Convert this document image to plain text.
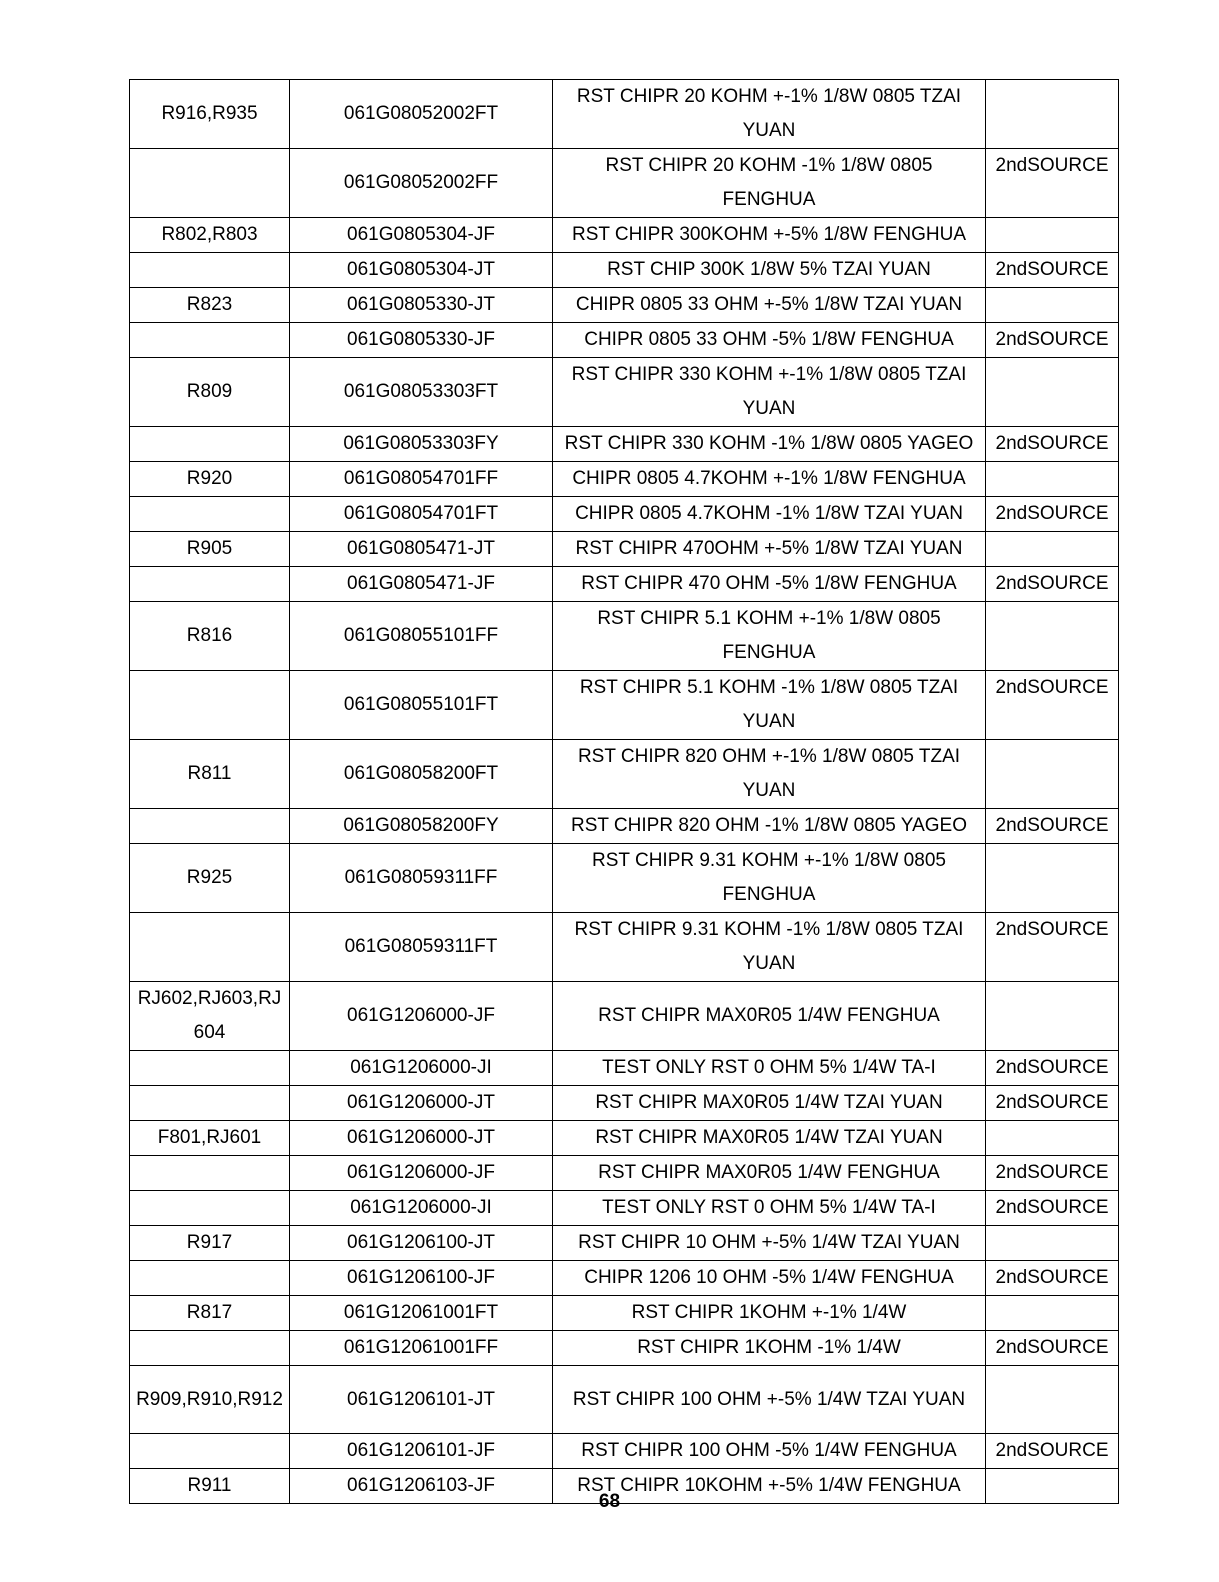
R916,R935	061G08052002FT	RST CHIPR 20 KOHM +-1% 1/8W 0805 TZAI YUAN	
	061G08052002FF	RST CHIPR 20 KOHM -1% 1/8W 0805 FENGHUA	2ndSOURCE
R802,R803	061G0805304-JF	RST CHIPR 300KOHM +-5% 1/8W FENGHUA	
	061G0805304-JT	RST CHIP 300K 1/8W 5% TZAI YUAN	2ndSOURCE
R823	061G0805330-JT	CHIPR 0805 33 OHM +-5% 1/8W TZAI YUAN	
	061G0805330-JF	CHIPR 0805 33 OHM -5% 1/8W FENGHUA	2ndSOURCE
R809	061G08053303FT	RST CHIPR 330 KOHM +-1% 1/8W 0805 TZAI YUAN	
	061G08053303FY	RST CHIPR 330 KOHM -1% 1/8W 0805 YAGEO	2ndSOURCE
R920	061G08054701FF	CHIPR 0805 4.7KOHM +-1% 1/8W FENGHUA	
	061G08054701FT	CHIPR 0805 4.7KOHM -1% 1/8W TZAI YUAN	2ndSOURCE
R905	061G0805471-JT	RST CHIPR 470OHM +-5% 1/8W TZAI YUAN	
	061G0805471-JF	RST CHIPR 470 OHM -5% 1/8W FENGHUA	2ndSOURCE
R816	061G08055101FF	RST CHIPR 5.1 KOHM +-1% 1/8W 0805 FENGHUA	
	061G08055101FT	RST CHIPR 5.1 KOHM -1% 1/8W 0805 TZAI YUAN	2ndSOURCE
R811	061G08058200FT	RST CHIPR 820 OHM +-1% 1/8W 0805 TZAI YUAN	
	061G08058200FY	RST CHIPR 820 OHM -1% 1/8W 0805 YAGEO	2ndSOURCE
R925	061G08059311FF	RST CHIPR 9.31 KOHM +-1% 1/8W 0805 FENGHUA	
	061G08059311FT	RST CHIPR 9.31 KOHM -1% 1/8W 0805 TZAI YUAN	2ndSOURCE
RJ602,RJ603,RJ604	061G1206000-JF	RST CHIPR MAX0R05 1/4W FENGHUA	
	061G1206000-JI	TEST ONLY RST 0 OHM 5% 1/4W TA-I	2ndSOURCE
	061G1206000-JT	RST CHIPR MAX0R05 1/4W TZAI YUAN	2ndSOURCE
F801,RJ601	061G1206000-JT	RST CHIPR MAX0R05 1/4W TZAI YUAN	
	061G1206000-JF	RST CHIPR MAX0R05 1/4W FENGHUA	2ndSOURCE
	061G1206000-JI	TEST ONLY RST 0 OHM 5% 1/4W TA-I	2ndSOURCE
R917	061G1206100-JT	RST CHIPR 10 OHM +-5% 1/4W TZAI YUAN	
	061G1206100-JF	CHIPR 1206 10 OHM -5% 1/4W FENGHUA	2ndSOURCE
R817	061G12061001FT	RST CHIPR 1KOHM +-1% 1/4W	
	061G12061001FF	RST CHIPR 1KOHM -1% 1/4W	2ndSOURCE
R909,R910,R912	061G1206101-JT	RST CHIPR 100 OHM +-5% 1/4W TZAI YUAN	
	061G1206101-JF	RST CHIPR 100 OHM -5% 1/4W FENGHUA	2ndSOURCE
R911	061G1206103-JF	RST CHIPR 10KOHM +-5% 1/4W FENGHUA	
68
